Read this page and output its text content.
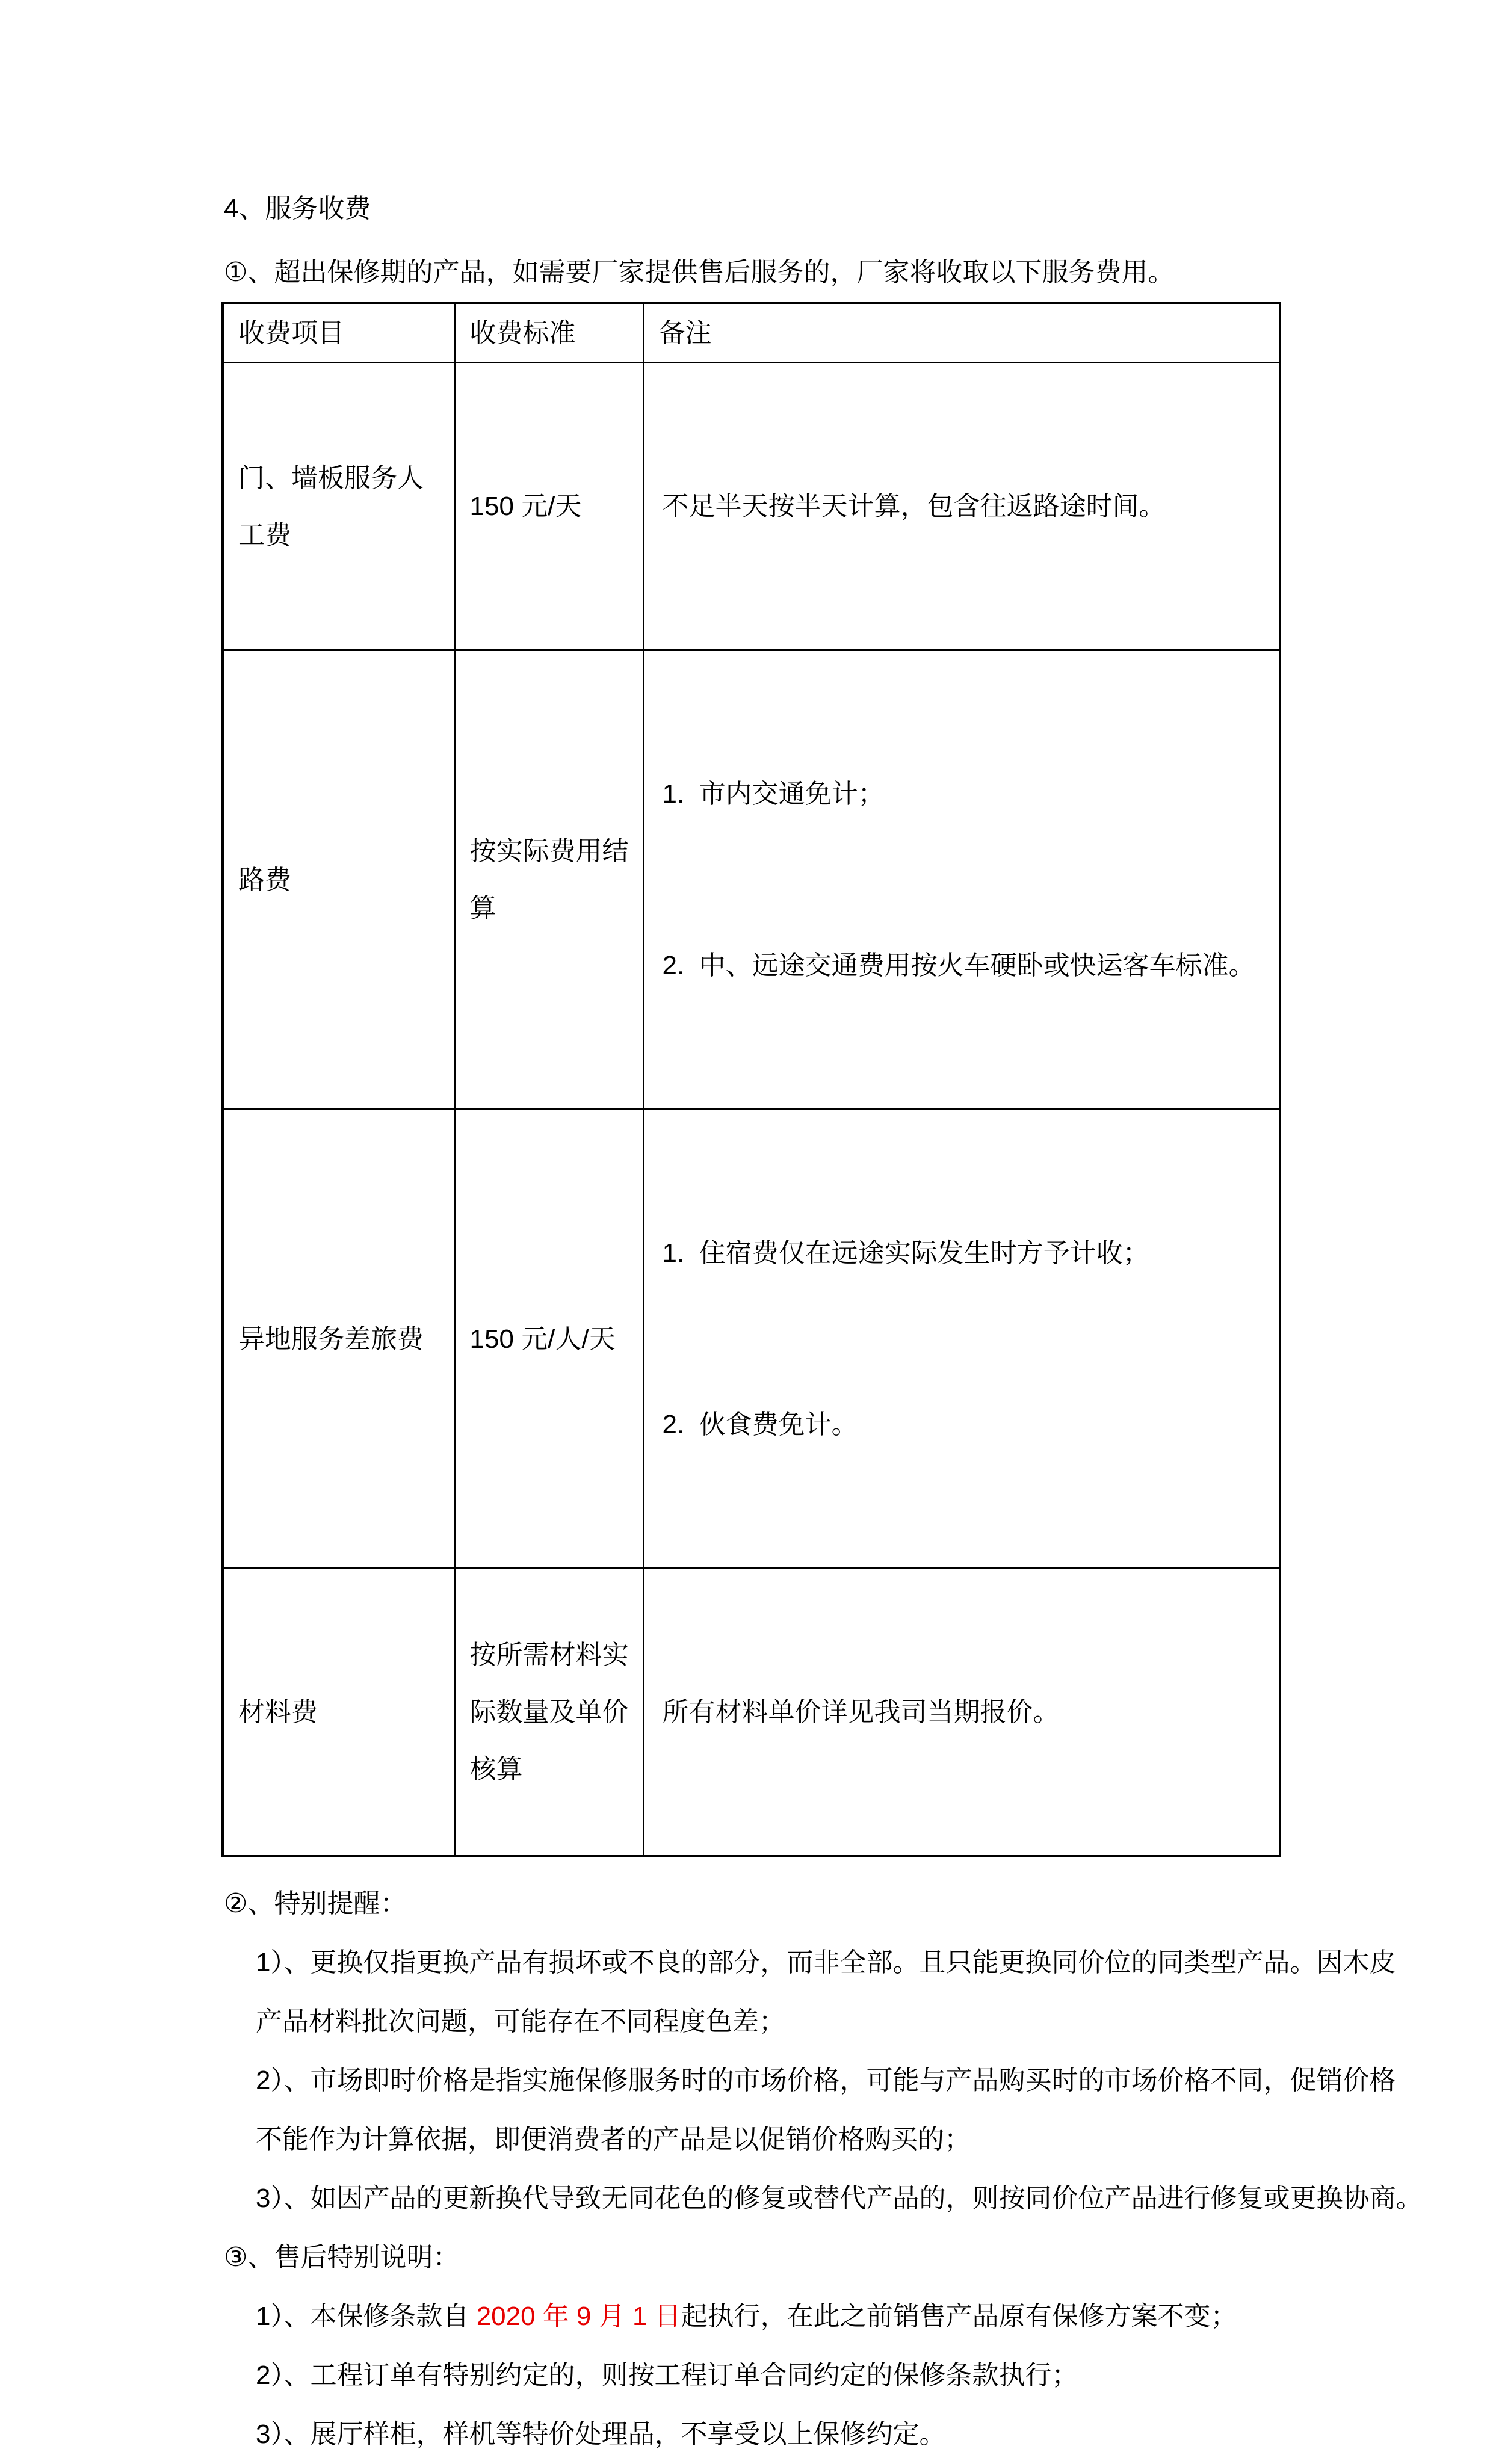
4、服务收费
①、超出保修期的产品，如需要厂家提供售后服务的，厂家将收取以下服务费用。
收费项目	收费标准	备注
门、墙板服务人工费	150 元/天	不足半天按半天计算，包含往返路途时间。

路费	按实际费用结算	1.  市内交通免计；

2.  中、远途交通费用按火车硬卧或快运客车标准。

异地服务差旅费	150 元/人/天	1.  住宿费仅在远途实际发生时方予计收；

2.  伙食费免计。

材料费	按所需材料实际数量及单价核算	所有材料单价详见我司当期报价。

②、特别提醒：
1）、更换仅指更换产品有损坏或不良的部分，而非全部。且只能更换同价位的同类型产品。因木皮
产品材料批次问题，可能存在不同程度色差；
2）、市场即时价格是指实施保修服务时的市场价格，可能与产品购买时的市场价格不同，促销价格
不能作为计算依据，即便消费者的产品是以促销价格购买的；
3）、如因产品的更新换代导致无同花色的修复或替代产品的，则按同价位产品进行修复或更换协商。
③、售后特别说明：
1）、本保修条款自 2020 年 9 月 1 日起执行，在此之前销售产品原有保修方案不变；
2）、工程订单有特别约定的，则按工程订单合同约定的保修条款执行；
3）、展厅样柜，样机等特价处理品，不享受以上保修约定。
